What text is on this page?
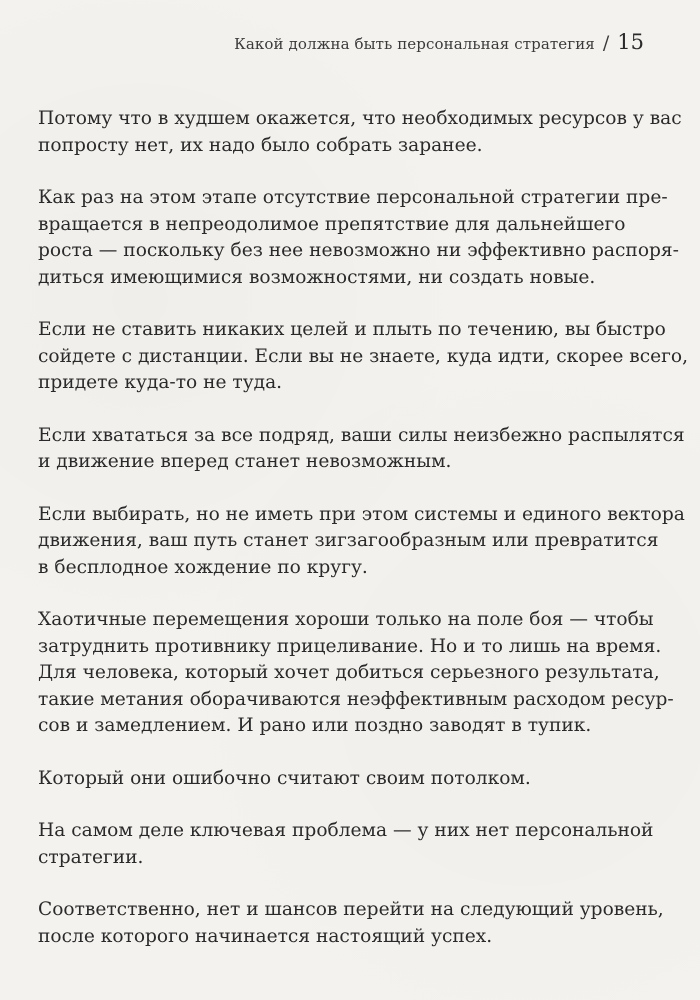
Какой должна быть персональная стратегия / 15

Потому что в худшем окажется, что необходимых ресурсов у вас
попросту нет, их надо было собрать заранее.

Как раз на этом этапе отсутствие персональной стратегии пре-
вращается в непреодолимое препятствие для дальнейшего
роста — поскольку без нее невозможно ни эффективно распоря-
диться имеющимися возможностями, ни создать новые.

Если не ставить никаких целей и плыть по течению, вы быстро
сойдете с дистанции. Если вы не знаете, куда идти, скорее всего,
придете куда-то не туда.

Если хвататься за все подряд, ваши силы неизбежно распылятся
и движение вперед станет невозможным.

Если выбирать, но не иметь при этом системы и единого вектора
движения, ваш путь станет зигзагообразным или превратится
в бесплодное хождение по кругу.

Хаотичные перемещения хороши только на поле боя — чтобы
затруднить противнику прицеливание. Но и то лишь на время.
Для человека, который хочет добиться серьезного результата,
такие метания оборачиваются неэффективным расходом ресур-
сов и замедлением. И рано или поздно заводят в тупик.

Который они ошибочно считают своим потолком.

На самом деле ключевая проблема — у них нет персональной
стратегии.

Соответственно, нет и шансов перейти на следующий уровень,
после которого начинается настоящий успех.
